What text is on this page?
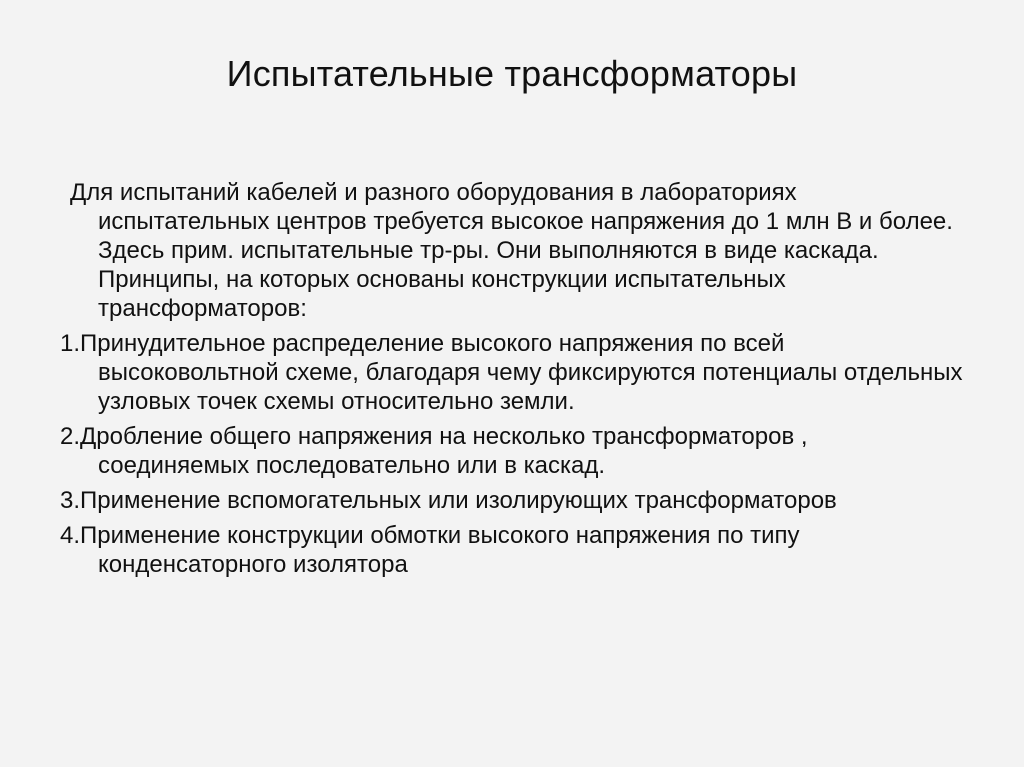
Испытательные трансформаторы

Для испытаний кабелей и разного оборудования в лабораториях испытательных центров требуется высокое напряжения до 1 млн В и более. Здесь прим. испытательные тр-ры. Они выполняются в виде каскада. Принципы, на которых основаны конструкции испытательных трансформаторов:

1.Принудительное распределение высокого напряжения по всей высоковольтной схеме, благодаря чему фиксируются потенциалы отдельных узловых точек схемы относительно земли.

2.Дробление общего напряжения на несколько трансформаторов , соединяемых последовательно или в каскад.

3.Применение вспомогательных или изолирующих трансформаторов

4.Применение конструкции обмотки высокого напряжения по типу конденсаторного изолятора
